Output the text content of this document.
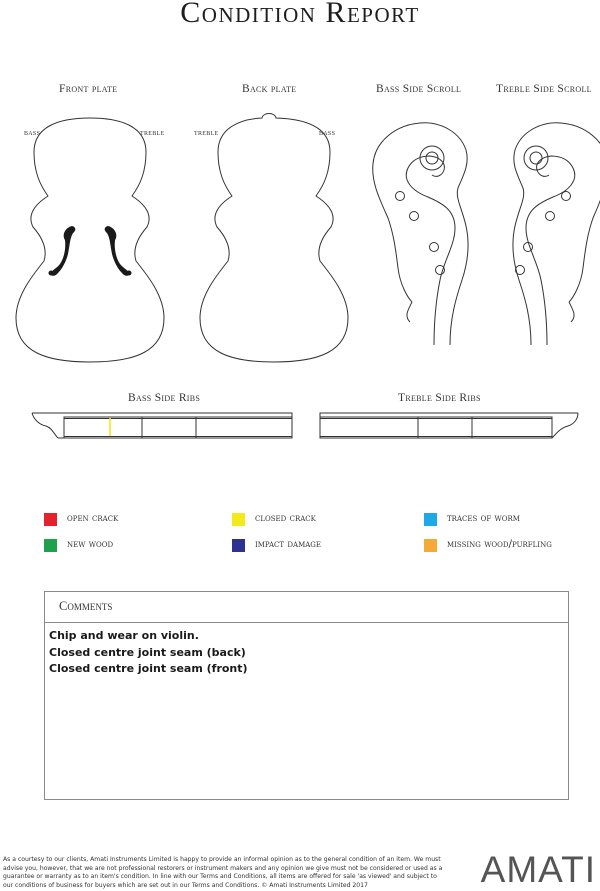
Condition Report
Front plate	Back plate	Bass Side Scroll	Treble Side Scroll
bass	treble	treble	bass
Bass Side Ribs	Treble Side Ribs
open crack	closed crack	traces of worm
new wood	impact damage	missing wood/purfling
Comments
Chip and wear on violin.
Closed centre joint seam (back)
Closed centre joint seam (front)
As a courtesy to our clients, Amati Instruments Limited is happy to provide an informal opinion as to the general condition of an item. We must advise you, however, that we are not professional restorers or instrument makers and any opinion we give must not be considered or used as a guarantee or warranty as to an item's condition. In line with our Terms and Conditions, all items are offered for sale 'as viewed' and subject to our conditions of business for buyers which are set out in our Terms and Conditions. © Amati Instruments Limited 2017	AMATI
